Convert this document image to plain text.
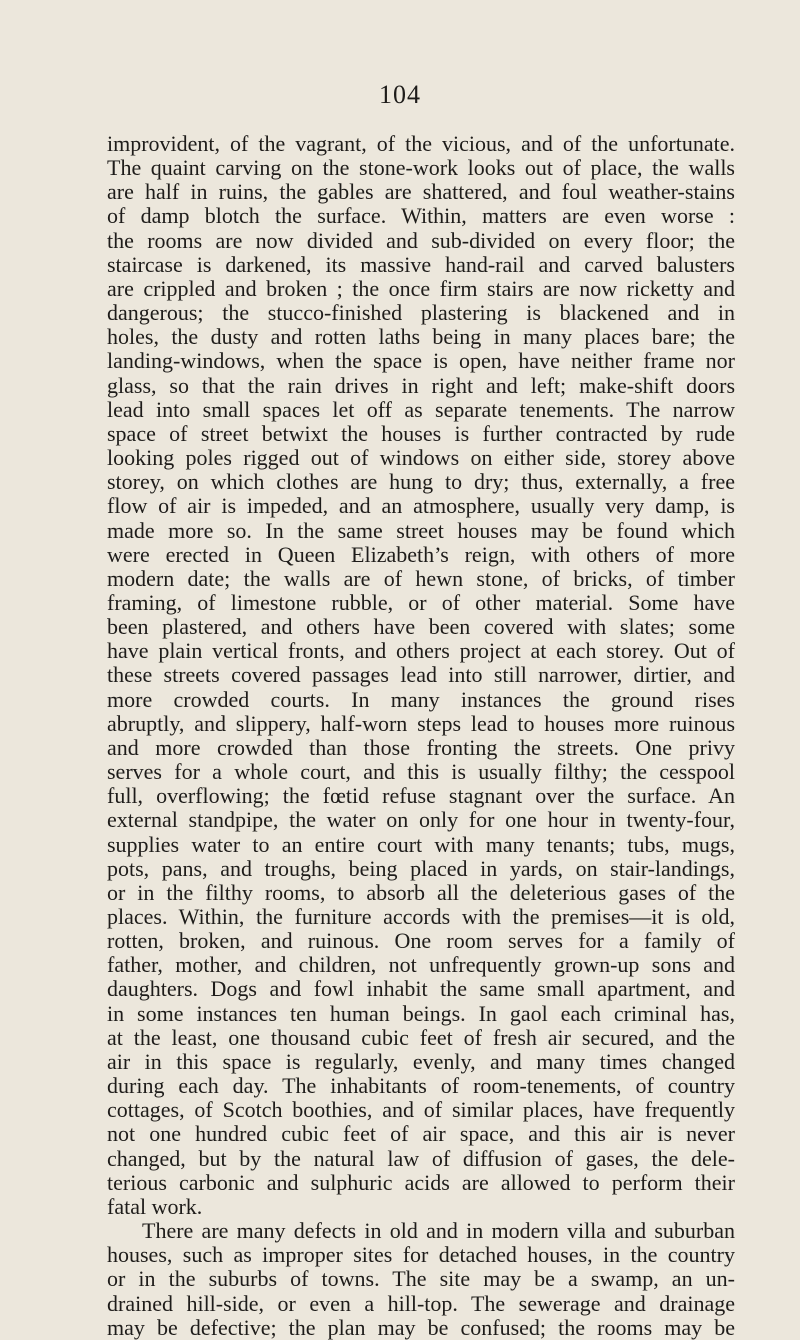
104
improvident, of the vagrant, of the vicious, and of the unfortunate.
The quaint carving on the stone-work looks out of place, the walls
are half in ruins, the gables are shattered, and foul weather-stains
of damp blotch the surface. Within, matters are even worse :
the rooms are now divided and sub-divided on every floor; the
staircase is darkened, its massive hand-rail and carved balusters
are crippled and broken ; the once firm stairs are now ricketty and
dangerous; the stucco-finished plastering is blackened and in
holes, the dusty and rotten laths being in many places bare; the
landing-windows, when the space is open, have neither frame nor
glass, so that the rain drives in right and left; make-shift doors
lead into small spaces let off as separate tenements. The narrow
space of street betwixt the houses is further contracted by rude
looking poles rigged out of windows on either side, storey above
storey, on which clothes are hung to dry; thus, externally, a free
flow of air is impeded, and an atmosphere, usually very damp, is
made more so. In the same street houses may be found which
were erected in Queen Elizabeth’s reign, with others of more
modern date; the walls are of hewn stone, of bricks, of timber
framing, of limestone rubble, or of other material. Some have
been plastered, and others have been covered with slates; some
have plain vertical fronts, and others project at each storey. Out of
these streets covered passages lead into still narrower, dirtier, and
more crowded courts. In many instances the ground rises
abruptly, and slippery, half-worn steps lead to houses more ruinous
and more crowded than those fronting the streets. One privy
serves for a whole court, and this is usually filthy; the cesspool
full, overflowing; the fœtid refuse stagnant over the surface. An
external standpipe, the water on only for one hour in twenty-four,
supplies water to an entire court with many tenants; tubs, mugs,
pots, pans, and troughs, being placed in yards, on stair-landings,
or in the filthy rooms, to absorb all the deleterious gases of the
places. Within, the furniture accords with the premises—it is old,
rotten, broken, and ruinous. One room serves for a family of
father, mother, and children, not unfrequently grown-up sons and
daughters. Dogs and fowl inhabit the same small apartment, and
in some instances ten human beings. In gaol each criminal has,
at the least, one thousand cubic feet of fresh air secured, and the
air in this space is regularly, evenly, and many times changed
during each day. The inhabitants of room-tenements, of country
cottages, of Scotch boothies, and of similar places, have frequently
not one hundred cubic feet of air space, and this air is never
changed, but by the natural law of diffusion of gases, the dele-
terious carbonic and sulphuric acids are allowed to perform their
fatal work.
There are many defects in old and in modern villa and suburban
houses, such as improper sites for detached houses, in the country
or in the suburbs of towns. The site may be a swamp, an un-
drained hill-side, or even a hill-top. The sewerage and drainage
may be defective; the plan may be confused; the rooms may be
